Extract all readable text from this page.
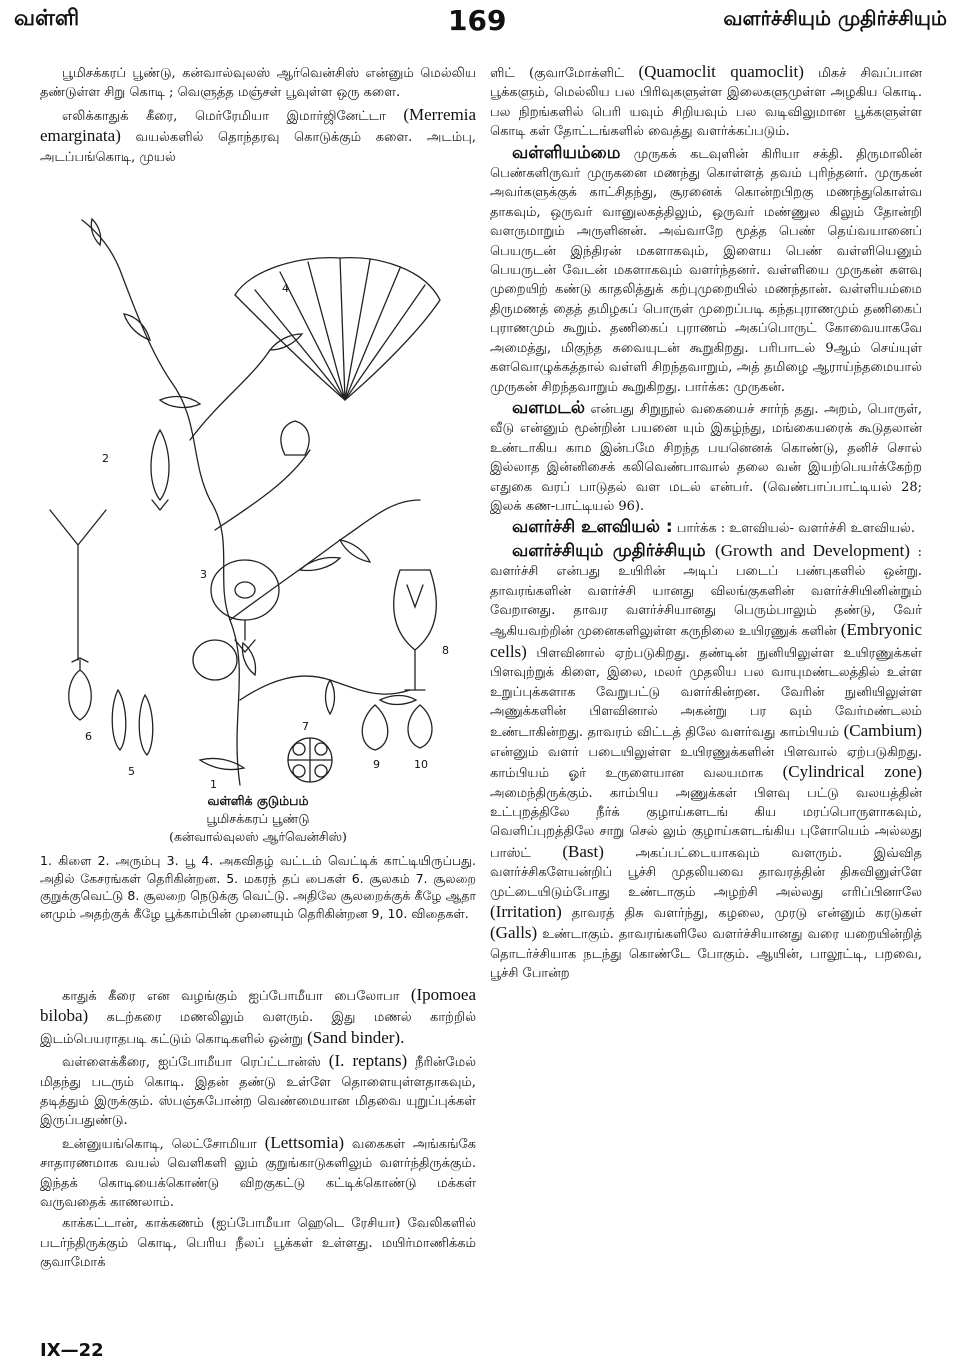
வள்ளி	169	வளர்ச்சியும் முதிர்ச்சியும்

பூமிசக்கரப் பூண்டு, கன்வால்வுலஸ் ஆர்வென்சிஸ் என்னும் மெல்லிய தண்டுள்ள சிறு கொடி ; வெளுத்த மஞ்சள் பூவுள்ள ஒரு களை.

எலிக்காதுக் கீரை, மெர்ரேமியா இமார்ஜினேட்டா (Merremia emarginata) வயல்களில் தொந்தரவு கொடுக்கும் களை. அடம்பு, அடப்பங்கொடி, முயல்

4
2
3
6
5
8
7
9	10
1
வள்ளிக் குடும்பம்
பூமிசக்கரப் பூண்டு
(கன்வால்வுலஸ் ஆர்வென்சிஸ்)
1. கிளை 2. அரும்பு 3. பூ 4. அகவிதழ் வட்டம் வெட்டிக் காட்டியிருப்பது. அதில் கேசரங்கள் தெரிகின்றன. 5. மகரந் தப் பைகள் 6. சூலகம் 7. சூலறை குறுக்குவெட்டு 8. சூலறை நெடுக்கு வெட்டு. அதிலே சூலறைக்குக் கீழே ஆதா னமும் அதற்குக் கீழே பூக்காம்பின் முனையும் தெரிகின்றன 9, 10. விதைகள்.

காதுக் கீரை என வழங்கும் ஐப்போமீயா பைலோபா (Ipomoea biloba) கடற்கரை மணலிலும் வளரும். இது மணல் காற்றில் இடம்பெயராதபடி கட்டும் கொடிகளில் ஒன்று (Sand binder).

வள்ளைக்கீரை, ஐப்போமீயா ரெப்ட்டான்ஸ் (I. reptans) நீரின்மேல் மிதந்து படரும் கொடி. இதன் தண்டு உள்ளே தொளையுள்ளதாகவும், தடித்தும் இருக்கும். ஸ்பஞ்சுபோன்ற வெண்மையான மிதவை யுறுப்புக்கள் இருப்பதுண்டு.

உன்னுயங்கொடி, லெட்சோமியா (Lettsomia) வகைகள் அங்கங்கே சாதாரணமாக வயல் வெளிகளி லும் குறுங்காடுகளிலும் வளர்ந்திருக்கும். இந்தக் கொடியைக்கொண்டு விறகுகட்டு கட்டிக்கொண்டு மக்கள் வருவதைக் காணலாம்.

காக்கட்டான், காக்கணம் (ஐப்போமீயா ஹெடெ ரேசியா) வேலிகளில் படர்ந்திருக்கும் கொடி, பெரிய நீலப் பூக்கள் உள்ளது. மயிர்மாணிக்கம் குவாமோக்

ளிட் (குவாமோக்ளிட் (Quamoclit quamoclit) மிகச் சிவப்பான பூக்களும், மெல்லிய பல பிரிவுகளுள்ள இலைகளுமுள்ள அழகிய கொடி. பல நிறங்களில் பெரி யவும் சிறியவும் பல வடிவிலுமான பூக்களுள்ள கொடி கள் தோட்டங்களில் வைத்து வளர்க்கப்படும்.

வள்ளியம்மை முருகக் கடவுளின் கிரியா சக்தி. திருமாலின் பெண்களிருவர் முருகனை மணந்து கொள்ளத் தவம் புரிந்தனர். முருகன் அவர்களுக்குக் காட்சிதந்து, சூரனைக் கொன்றபிறகு மணந்துகொள்வ தாகவும், ஒருவர் வானுலகத்திலும், ஒருவர் மண்ணுல கிலும் தோன்றி வளருமாறும் அருளினன். அவ்வாறே மூத்த பெண் தெய்வயானைப் பெயருடன் இந்திரன் மகளாகவும், இளைய பெண் வள்ளியெனும் பெயருடன் வேடன் மகளாகவும் வளர்ந்தனர். வள்ளியை முருகன் களவு முறையிற் கண்டு காதலித்துக் கற்புமுறையில் மணந்தான். வள்ளியம்மை திருமணத் தைத் தமிழகப் பொருள் முறைப்படி கந்தபுராணமும் தணிகைப் புராணமும் கூறும். தணிகைப் புராணம் அகப்பொருட் கோவையாகவே அமைத்து, மிகுந்த சுவையுடன் கூறுகிறது. பரிபாடல் 9ஆம் செய்யுள் களவொழுக்கத்தால் வள்ளி சிறந்தவாறும், அத் தமிழை ஆராய்ந்தமையால் முருகன் சிறந்தவாறும் கூறுகிறது. பார்க்க: முருகன்.

வளமடல் என்பது சிறுநூல் வகையைச் சார்ந் தது. அறம், பொருள், வீடு என்னும் மூன்றின் பயனை யும் இகழ்ந்து, மங்கையரைக் கூடுதலான் உண்டாகிய காம இன்பமே சிறந்த பயனெனக் கொண்டு, தனிச் சொல் இல்லாத இன்னிசைக் கலிவெண்பாவால் தலை வன் இயற்பெயர்க்கேற்ற எதுகை வரப் பாடுதல் வள மடல் என்பர். (வெண்பாப்பாட்டியல் 28; இலக் கண-பாட்டியல் 96).

வளர்ச்சி உளவியல் : பார்க்க : உளவியல்- வளர்ச்சி உளவியல்.

வளர்ச்சியும் முதிர்ச்சியும் (Growth and Development) : வளர்ச்சி என்பது உயிரின் அடிப் படைப் பண்புகளில் ஒன்று. தாவரங்களின் வளர்ச்சி யானது விலங்குகளின் வளர்ச்சியினின்றும் வேறானது. தாவர வளர்ச்சியானது பெரும்பாலும் தண்டு, வேர் ஆகியவற்றின் முனைகளிலுள்ள கருநிலை உயிரணுக் களின் (Embryonic cells) பிளவினால் ஏற்படுகிறது. தண்டின் நுனியிலுள்ள உயிரணுக்கள் பிளவுற்றுக் கிளை, இலை, மலர் முதலிய பல வாயுமண்டலத்தில் உள்ள உறுப்புக்களாக வேறுபட்டு வளர்கின்றன. வேரின் நுனியிலுள்ள அணுக்களின் பிளவினால் அகன்று பர வும் வேர்மண்டலம் உண்டாகின்றது. தாவரம் விட்டத் திலே வளர்வது காம்பியம் (Cambium) என்னும் வளர் படையிலுள்ள உயிரணுக்களின் பிளவால் ஏற்படுகிறது. காம்பியம் ஓர் உருளையான வலயமாக (Cylindrical zone) அமைந்திருக்கும். காம்பிய அணுக்கள் பிளவு பட்டு வலயத்தின் உட்புறத்திலே நீர்க் குழாய்களடங் கிய மரப்பொருளாகவும், வெளிப்புறத்திலே சாறு செல் லும் குழாய்களடங்கிய புளோயெம் அல்லது பாஸ்ட் (Bast) அகப்பட்டையாகவும் வளரும். இவ்வித வளர்ச்சிகளேயன்றிப் பூச்சி முதலியவை தாவரத்தின் திசுவினுள்ளே முட்டையிடும்போது உண்டாகும் அழற்சி அல்லது எரிப்பினாலே (Irritation) தாவரத் திசு வளர்ந்து, கழலை, முரடு என்னும் கரடுகள் (Galls) உண்டாகும். தாவரங்களிலே வளர்ச்சியானது வரை யறையின்றித் தொடர்ச்சியாக நடந்து கொண்டே போகும். ஆயின், பாலூட்டி, பறவை, பூச்சி போன்ற

IX—22
